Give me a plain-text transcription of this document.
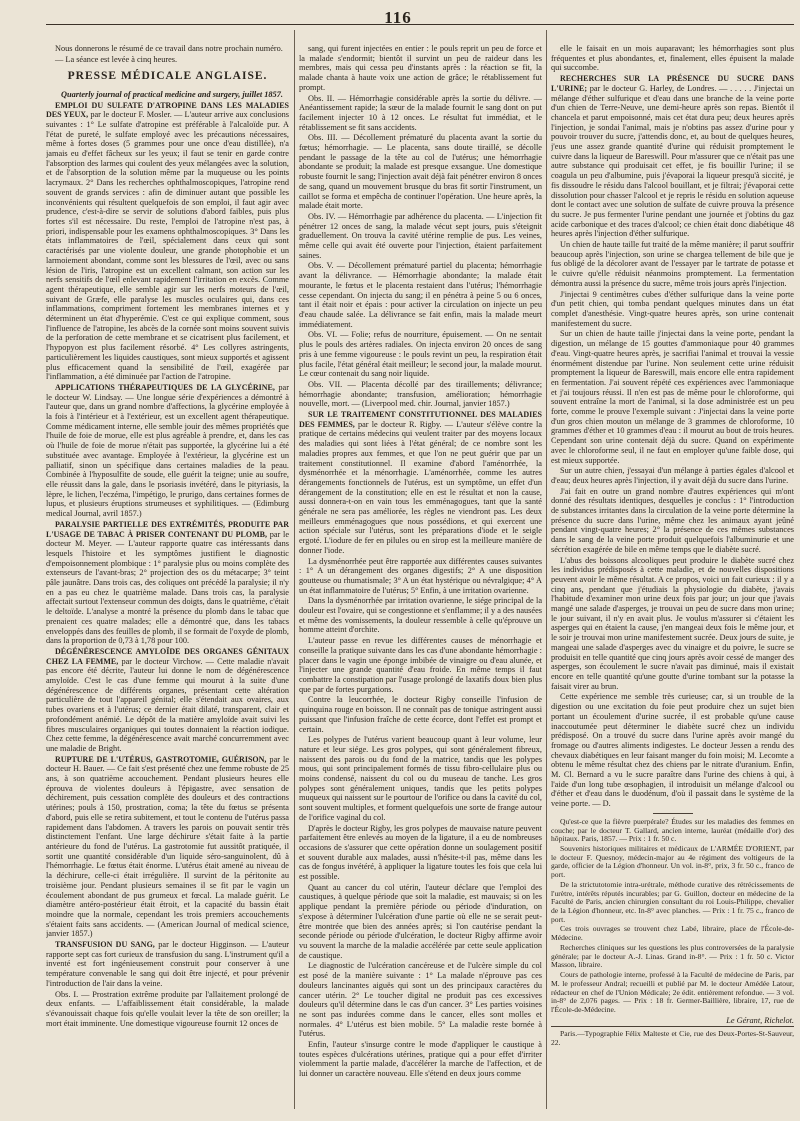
116

Nous donnerons le résumé de ce travail dans notre prochain numéro.

— La séance est levée à cinq heures.

PRESSE MÉDICALE ANGLAISE.

Quarterly journal of practical medicine and surgery, juillet 1857.

EMPLOI DU SULFATE D'ATROPINE DANS LES MALADIES DES YEUX, par le docteur F. Mosler. — L'auteur arrive aux conclusions suivantes : 1° Le sulfate d'atropine est préférable à l'alcaloïde pur. A l'état de pureté, le sulfate employé avec les précautions nécessaires, même à fortes doses (5 grammes pour une once d'eau distillée), n'a jamais eu d'effet fâcheux sur les yeux; il faut se tenir en garde contre l'absorption des larmes qui coulent des yeux mélangées avec la solution, et de l'absorption de la solution même par la muqueuse ou les points lacrymaux. 2° Dans les recherches ophthalmoscopiques, l'atropine rend souvent de grands services : afin de diminuer autant que possible les inconvénients qui résultent quelquefois de son emploi, il faut agir avec prudence, c'est-à-dire se servir de solutions d'abord faibles, puis plus fortes s'il est nécessaire. Du reste, l'emploi de l'atropine n'est pas, à priori, indispensable pour les examens ophthalmoscopiques. 3° Dans les états inflammatoires de l'œil, spécialement dans ceux qui sont caractérisés par une violente douleur, une grande photophobie et un larmoiement abondant, comme sont les blessures de l'œil, avec ou sans lésion de l'iris, l'atropine est un excellent calmant, son action sur les nerfs sensitifs de l'œil enlevant rapidement l'irritation en excès. Comme agent thérapeutique, elle semble agir sur les nerfs moteurs de l'œil, suivant de Græfe, elle paralyse les muscles oculaires qui, dans ces inflammations, compriment fortement les membranes internes et y déterminent un état d'hyperémie. C'est ce qui explique comment, sous l'influence de l'atropine, les abcès de la cornée sont moins souvent suivis de la perforation de cette membrane et se cicatrisent plus facilement, et l'hypopyon est plus facilement résorbé. 4° Les collyres astringents, particulièrement les liquides caustiques, sont mieux supportés et agissent plus efficacement quand la sensibilité de l'œil, exagérée par l'inflammation, a été diminuée par l'action de l'atropine.

APPLICATIONS THÉRAPEUTIQUES DE LA GLYCÉRINE, par le docteur W. Lindsay. — Une longue série d'expériences a démontré à l'auteur que, dans un grand nombre d'affections, la glycérine employée à la fois à l'intérieur et à l'extérieur, est un excellent agent thérapeutique. Comme médicament interne, elle semble jouir des mêmes propriétés que l'huile de foie de morue, elle est plus agréable à prendre, et, dans les cas où l'huile de foie de morue n'était pas supportée, la glycérine lui a été substituée avec avantage. Employée à l'extérieur, la glycérine est un palliatif, sinon un spécifique dans certaines maladies de la peau. Combinée à l'hyposulfite de soude, elle guérit la teigne; unie au soufre, elle réussit dans la gale, dans le psoriasis invétéré, dans le pityriasis, la lèpre, le lichen, l'eczéma, l'impétigo, le prurigo, dans certaines formes de lupus, et plusieurs éruptions strumeuses et syphilitiques. — (Edimburg medical Journal, avril 1857.)

PARALYSIE PARTIELLE DES EXTRÉMITÉS, PRODUITE PAR L'USAGE DE TABAC À PRISER CONTENANT DU PLOMB, par le docteur M. Meyer. — L'auteur rapporte quatre cas intéressants dans lesquels l'histoire et les symptômes justifient le diagnostic d'empoisonnement plombique : 1° paralysie plus ou moins complète des extenseurs de l'avant-bras; 2° projection des os du métacarpe; 3° teint pâle jaunâtre. Dans trois cas, des coliques ont précédé la paralysie; il n'y en a pas eu chez le quatrième malade. Dans trois cas, la paralysie affectait surtout l'extenseur commun des doigts, dans le quatrième, c'était le deltoïde. L'analyse a montré la présence du plomb dans le tabac que prenaient ces quatre malades; elle a démontré que, dans les tabacs enveloppés dans des feuilles de plomb, il se formait de l'oxyde de plomb, dans la proportion de 0,73 à 1,78 pour 100.

DÉGÉNÉRESCENCE AMYLOÏDE DES ORGANES GÉNITAUX CHEZ LA FEMME, par le docteur Virchow. — Cette maladie n'avait pas encore été décrite, l'auteur lui donne le nom de dégénérescence amyloïde. C'est le cas d'une femme qui mourut à la suite d'une dégénérescence de différents organes, présentant cette altération particulière de tout l'appareil génital; elle s'étendait aux ovaires, aux tubes ovariens et à l'utérus; ce dernier était dilaté, transparent, clair et profondément anémié. Le dépôt de la matière amyloïde avait suivi les fibres musculaires organiques qui toutes donnaient la réaction iodique. Chez cette femme, la dégénérescence avait marché concurremment avec une maladie de Bright.

RUPTURE DE L'UTÉRUS, GASTROTOMIE, GUÉRISON, par le docteur H. Bauer. — Ce fait s'est présenté chez une femme robuste de 25 ans, à son quatrième accouchement. Pendant plusieurs heures elle éprouva de violentes douleurs à l'épigastre, avec sensation de déchirement, puis cessation complète des douleurs et des contractions utérines; pouls à 150, prostration, coma; la tête du fœtus se présenta d'abord, puis elle se retira subitement, et tout le contenu de l'utérus passa rapidement dans l'abdomen. A travers les parois on pouvait sentir très distinctement l'enfant. Une large déchirure s'était faite à la partie antérieure du fond de l'utérus. La gastrotomie fut aussitôt pratiquée, il sortit une quantité considérable d'un liquide séro-sanguinolent, dû à l'hémorrhagie. Le fœtus était énorme. L'utérus était amené au niveau de la déchirure, celle-ci était irrégulière. Il survint de la péritonite au troisième jour. Pendant plusieurs semaines il se fit par le vagin un écoulement abondant de pus grumeux et fœcal. La malade guérit. Le diamètre antéro-postérieur était étroit, et la capacité du bassin était moindre que la normale, cependant les trois premiers accouchements s'étaient faits sans accidents. — (American Journal of medical science, janvier 1857.)

TRANSFUSION DU SANG, par le docteur Higginson. — L'auteur rapporte sept cas fort curieux de transfusion du sang. L'instrument qu'il a inventé est fort ingénieusement construit pour conserver à une température convenable le sang qui doit être injecté, et pour prévenir l'introduction de l'air dans la veine.

Obs. I. — Prostration extrême produite par l'allaitement prolongé de deux enfants. — L'affaiblissement était considérable, la malade s'évanouissait chaque fois qu'elle voulait lever la tête de son oreiller; la mort était imminente. Une domestique vigoureuse fournit 12 onces de

sang, qui furent injectées en entier : le pouls reprit un peu de force et la malade s'endormit; bientôt il survint un peu de raideur dans les membres, mais qui cessa peu d'instants après : la réaction se fit, la malade chanta à haute voix une action de grâce; le rétablissement fut prompt.

Obs. II. — Hémorrhagie considérable après la sortie du délivre. — Anéantissement rapide; la sœur de la malade fournit le sang dont on put facilement injecter 10 à 12 onces. Le résultat fut immédiat, et le rétablissement se fit sans accidents.

Obs. III. — Décollement prématuré du placenta avant la sortie du fœtus; hémorrhagie. — Le placenta, sans doute tiraillé, se décolle pendant le passage de la tête au col de l'utérus; une hémorrhagie abondante se produit; la malade est presque exsangue. Une domestique robuste fournit le sang; l'injection avait déjà fait pénétrer environ 8 onces de sang, quand un mouvement brusque du bras fit sortir l'instrument, un caillot se forma et empêcha de continuer l'opération. Une heure après, la malade était morte.

Obs. IV. — Hémorrhagie par adhérence du placenta. — L'injection fit pénétrer 12 onces de sang, la malade vécut sept jours, puis s'éteignit graduellement. On trouva la cavité utérine remplie de pus. Les veines, même celle qui avait été ouverte pour l'injection, étaient parfaitement saines.

Obs. V. — Décollement prématuré partiel du placenta; hémorrhagie avant la délivrance. — Hémorrhagie abondante; la malade était mourante, le fœtus et le placenta restaient dans l'utérus; l'hémorrhagie cesse cependant. On injecta du sang; il en pénétra à peine 5 ou 6 onces, tant il était noir et épais : pour activer la circulation on injecte un peu d'eau chaude salée. La délivrance se fait enfin, mais la malade meurt immédiatement.

Obs. VI. — Folie; refus de nourriture, épuisement. — On ne sentait plus le pouls des artères radiales. On injecta environ 20 onces de sang pris à une femme vigoureuse : le pouls revint un peu, la respiration était plus facile, l'état général était meilleur; le second jour, la malade mourut. Le cœur contenait du sang noir liquide.

Obs. VII. — Placenta décollé par des tiraillements; délivrance; hémorrhagie abondante; transfusion, amélioration; hémorrhagie nouvelle, mort. — (Liverpool med. chir. Journal, janvier 1857.)

SUR LE TRAITEMENT CONSTITUTIONNEL DES MALADIES DES FEMMES, par le docteur R. Rigby. — L'auteur s'élève contre la pratique de certains médecins qui veulent traiter par des moyens locaux des maladies qui sont liées à l'état général; de ce nombre sont les maladies propres aux femmes, et que l'on ne peut guérir que par un traitement constitutionnel. Il examine d'abord l'aménorrhée, la dysménorrhée et la ménorrhagie. L'aménorrhée, comme les autres dérangements fonctionnels de l'utérus, est un symptôme, un effet d'un dérangement de la constitution; elle en est le résultat et non la cause, aussi donnera-t-on en vain tous les emménagogues, tant que la santé générale ne sera pas améliorée, les règles ne viendront pas. Les deux meilleurs emménagogues que nous possédions, et qui exercent une action spéciale sur l'utérus, sont les préparations d'iode et le seigle ergoté. L'iodure de fer en pilules ou en sirop est la meilleure manière de donner l'iode.

La dysménorrhée peut être rapportée aux différentes causes suivantes : 1° A un dérangement des organes digestifs; 2° A une disposition goutteuse ou rhumatismale; 3° A un état hystérique ou névralgique; 4° A un état inflammatoire de l'utérus; 5° Enfin, à une irritation ovarienne.

Dans la dysménorrhée par irritation ovarienne, le siége principal de la douleur est l'ovaire, qui se congestionne et s'enflamme; il y a des nausées et même des vomissements, la douleur ressemble à celle qu'éprouve un homme atteint d'orchite.

L'auteur passe en revue les différentes causes de ménorrhagie et conseille la pratique suivante dans les cas d'une abondante hémorrhagie : placer dans le vagin une éponge imbibée de vinaigre ou d'eau alunée, et l'injecter une grande quantité d'eau froide. En même temps il faut combattre la constipation par l'usage prolongé de laxatifs doux bien plus que par de fortes purgations.

Contre la leucorrhée, le docteur Rigby conseille l'infusion de quinquina rouge en boisson. Il ne connaît pas de tonique astringent aussi puissant que l'infusion fraîche de cette écorce, dont l'effet est prompt et certain.

Les polypes de l'utérus varient beaucoup quant à leur volume, leur nature et leur siége. Les gros polypes, qui sont généralement fibreux, naissent des parois ou du fond de la matrice, tandis que les polypes mous, qui sont principalement formés de tissu fibro-cellulaire plus ou moins condensé, naissent du col ou du museau de tanche. Les gros polypes sont généralement uniques, tandis que les petits polypes muqueux qui naissent sur le pourtour de l'orifice ou dans la cavité du col, sont souvent multiples, et forment quelquefois une sorte de frange autour de l'orifice vaginal du col.

D'après le docteur Rigby, les gros polypes de mauvaise nature peuvent parfaitement être enlevés au moyen de la ligature, il a eu de nombreuses occasions de s'assurer que cette opération donne un soulagement positif et souvent durable aux malades, aussi n'hésite-t-il pas, même dans les cas de fongus invétéré, à appliquer la ligature toutes les fois que cela lui est possible.

Quant au cancer du col utérin, l'auteur déclare que l'emploi des caustiques, à quelque période que soit la maladie, est mauvais; si on les applique pendant la première période ou période d'induration, on s'expose à déterminer l'ulcération d'une partie où elle ne se serait peut-être montrée que bien des années après; si l'on cautérise pendant la seconde période ou période d'ulcération, le docteur Rigby affirme avoir vu souvent la marche de la maladie accélérée par cette seule application de caustique.

Le diagnostic de l'ulcération cancéreuse et de l'ulcère simple du col est posé de la manière suivante : 1° La malade n'éprouve pas ces douleurs lancinantes aiguës qui sont un des principaux caractères du cancer utérin. 2° Le toucher digital ne produit pas ces excessives douleurs qu'il détermine dans le cas d'un cancer. 3° Les parties voisines ne sont pas indurées comme dans le cancer, elles sont molles et normales. 4° L'utérus est bien mobile. 5° La maladie reste bornée à l'utérus.

Enfin, l'auteur s'insurge contre le mode d'appliquer le caustique à toutes espèces d'ulcérations utérines, pratique qui a pour effet d'irriter violemment la partie malade, d'accélérer la marche de l'affection, et de lui donner un caractère nouveau. Elle s'étend en deux jours comme

elle le faisait en un mois auparavant; les hémorrhagies sont plus fréquentes et plus abondantes, et, finalement, elles épuisent la malade qui succombe.

RECHERCHES SUR LA PRÉSENCE DU SUCRE DANS L'URINE; par le docteur G. Harley, de Londres. — . . . . . J'injectai un mélange d'éther sulfurique et d'eau dans une branche de la veine porte d'un chien de Terre-Neuve, une demi-heure après son repas. Bientôt il chancela et parut empoisonné, mais cet état dura peu; deux heures après l'injection, je sondai l'animal, mais je n'obtins pas assez d'urine pour y pouvoir trouver du sucre, j'attendis donc, et, au bout de quelques heures, j'eus une assez grande quantité d'urine qui réduisit promptement le cuivre dans la liqueur de Bareswill. Pour m'assurer que ce n'était pas une autre substance qui produisait cet effet, je fis bouillir l'urine; il se coagula un peu d'albumine, puis j'évaporai la liqueur presqu'à siccité, je fis dissoudre le résidu dans l'alcool bouillant, et je filtrai; j'évaporai cette dissolution pour chasser l'alcool et je repris le résidu en solution aqueuse dont le contact avec une solution de sulfate de cuivre prouva la présence du sucre. Je pus fermenter l'urine pendant une journée et j'obtins du gaz acide carbonique et des traces d'alcool; ce chien était donc diabétique 48 heures après l'injection d'éther sulfurique.

Un chien de haute taille fut traité de la même manière; il parut souffrir beaucoup après l'injection, son urine se chargea tellement de bile que je fus obligé de la décolorer avant de l'essayer par le tartrate de potasse et le cuivre qu'elle réduisit néanmoins promptement. La fermentation démontra aussi la présence du sucre, même trois jours après l'injection.

J'injectai 9 centimètres cubes d'éther sulfurique dans la veine porte d'un petit chien, qui tomba pendant quelques minutes dans un état complet d'anesthésie. Vingt-quatre heures après, son urine contenait manifestement du sucre.

Sur un chien de haute taille j'injectai dans la veine porte, pendant la digestion, un mélange de 15 gouttes d'ammoniaque pour 40 grammes d'eau. Vingt-quatre heures après, je sacrifiai l'animal et trouvai la vessie énormément distendue par l'urine. Non seulement cette urine réduisit promptement la liqueur de Bareswill, mais encore elle entra rapidement en fermentation. J'ai souvent répété ces expériences avec l'ammoniaque et j'ai toujours réussi. Il n'en est pas de même pour le chloroforme, qui souvent entraîne la mort de l'animal, si la dose administrée est un peu forte, comme le prouve l'exemple suivant : J'injectai dans la veine porte d'un gros chien mouton un mélange de 3 grammes de chloroforme, 10 grammes d'éther et 10 grammes d'eau : il mourut au bout de trois heures. Cependant son urine contenait déjà du sucre. Quand on expérimente avec le chloroforme seul, il ne faut en employer qu'une faible dose, qui est mieux supportée.

Sur un autre chien, j'essayai d'un mélange à parties égales d'alcool et d'eau; deux heures après l'injection, il y avait déjà du sucre dans l'urine.

J'ai fait en outre un grand nombre d'autres expériences qui m'ont donné des résultats identiques, desquelles je conclus : 1° l'introduction de substances irritantes dans la circulation de la veine porte détermine la présence du sucre dans l'urine, même chez les animaux ayant jeûné pendant vingt-quatre heures; 2° la présence de ces mêmes substances dans le sang de la veine porte produit quelquefois l'albuminurie et une sécrétion exagérée de bile en même temps que le diabète sucré.

L'abus des boissons alcooliques peut produire le diabète sucré chez les individus prédisposés à cette maladie, et de nouvelles dispositions peuvent avoir le même résultat. A ce propos, voici un fait curieux : il y a cinq ans, pendant que j'étudiais la physiologie du diabète, j'avais l'habitude d'examiner mon urine deux fois par jour; un jour que j'avais mangé une salade d'asperges, je trouvai un peu de sucre dans mon urine; le jour suivant, il n'y en avait plus. Je voulus m'assurer si c'étaient les asperges qui en étaient la cause, j'en mangeai deux fois le même jour, et le soir je trouvai mon urine manifestement sucrée. Deux jours de suite, je mangeai une salade d'asperges avec du vinaigre et du poivre, le sucre se produisit en telle quantité que cinq jours après avoir cessé de manger des asperges, son écoulement le sucre n'avait pas diminué, mais il existait encore en telle quantité qu'une goutte d'urine tombant sur la potasse la faisait virer au brun.

Cette expérience me semble très curieuse; car, si un trouble de la digestion ou une excitation du foie peut produire chez un sujet bien portant un écoulement d'urine sucrée, il est probable qu'une cause inaccoutumée peut déterminer le diabète sucré chez un individu prédisposé. On a trouvé du sucre dans l'urine après avoir mangé du fromage ou d'autres aliments indigestes. Le docteur Jessen a rendu des chevaux diabétiques en leur faisant manger du foin moisi; M. Lecomte a obtenu le même résultat chez des chiens par le nitrate d'uranium. Enfin, M. Cl. Bernard a vu le sucre paraître dans l'urine des chiens à qui, à l'aide d'un long tube œsophagien, il introduisit un mélange d'alcool ou d'éther et d'eau dans le duodénum, d'où il passait dans le système de la veine porte. — D.

Qu'est-ce que la fièvre puerpérale? Études sur les maladies des femmes en couche; par le docteur T. Gallard, ancien interne, lauréat (médaille d'or) des hôpitaux. Paris, 1857. — Prix : 1 fr. 50 c.

Souvenirs historiques militaires et médicaux de L'ARMÉE D'ORIENT, par le docteur F. Quesnoy, médecin-major au 4e régiment des voltigeurs de la garde, officier de la Légion d'honneur. Un vol. in-8°, prix, 3 fr. 50 c., franco de port.

De la strictutotomie intra-urétrale, méthode curative des rétrécissements de l'urètre, intérêts réputés incurables; par G. Guillon, docteur en médecine de la Faculté de Paris, ancien chirurgien consultant du roi Louis-Philippe, chevalier de la Légion d'honneur, etc. In-8° avec planches. — Prix : 1 fr. 75 c., franco de port.

Ces trois ouvrages se trouvent chez Labé, libraire, place de l'École-de-Médecine.

Recherches cliniques sur les questions les plus controversées de la paralysie générale; par le docteur A.-J. Linas. Grand in-8°. — Prix : 1 fr. 50 c. Victor Masson, libraire.

Cours de pathologie interne, professé à la Faculté de médecine de Paris, par M. le professeur Andral; recueilli et publié par M. le docteur Amédée Latour, rédacteur en chef de l'Union Médicale; 2e édit. entièrement refondue. — 3 vol. in-8° de 2,076 pages. — Prix : 18 fr. Germer-Baillière, libraire, 17, rue de l'École-de-Médecine.

Le Gérant, Richelot.

Paris.—Typographie Félix Malteste et Cie, rue des Deux-Portes-St-Sauveur, 22.
